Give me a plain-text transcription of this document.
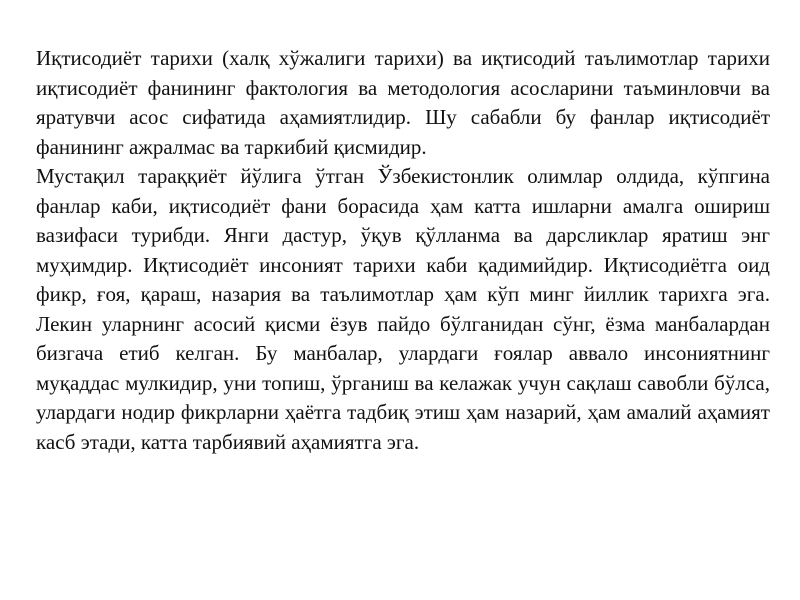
Иқтисодиёт тарихи (халқ хўжалиги тарихи) ва иқтисодий таълимотлар тарихи иқтисодиёт фанининг фактология ва методология асосларини таъминловчи ва яратувчи асос сифатида аҳамиятлидир. Шу сабабли бу фанлар иқтисодиёт фанининг ажралмас ва таркибий қисмидир.

Мустақил тараққиёт йўлига ўтган Ўзбекистонлик олимлар олдида, кўпгина фанлар каби, иқтисодиёт фани борасида ҳам катта ишларни амалга ошириш вазифаси турибди. Янги дастур, ўқув қўлланма ва дарсликлар яратиш энг муҳимдир. Иқтисодиёт инсоният тарихи каби қадимийдир. Иқтисодиётга оид фикр, ғоя, қараш, назария ва таълимотлар ҳам кўп минг йиллик тарихга эга. Лекин уларнинг асосий қисми ёзув пайдо бўлганидан сўнг, ёзма манбалардан бизгача етиб келган. Бу манбалар, улардаги ғоялар аввало инсониятнинг муқаддас мулкидир, уни топиш, ўрганиш ва келажак учун сақлаш савобли бўлса, улардаги нодир фикрларни ҳаётга тадбиқ этиш ҳам назарий, ҳам амалий аҳамият касб этади, катта тарбиявий аҳамиятга эга.
